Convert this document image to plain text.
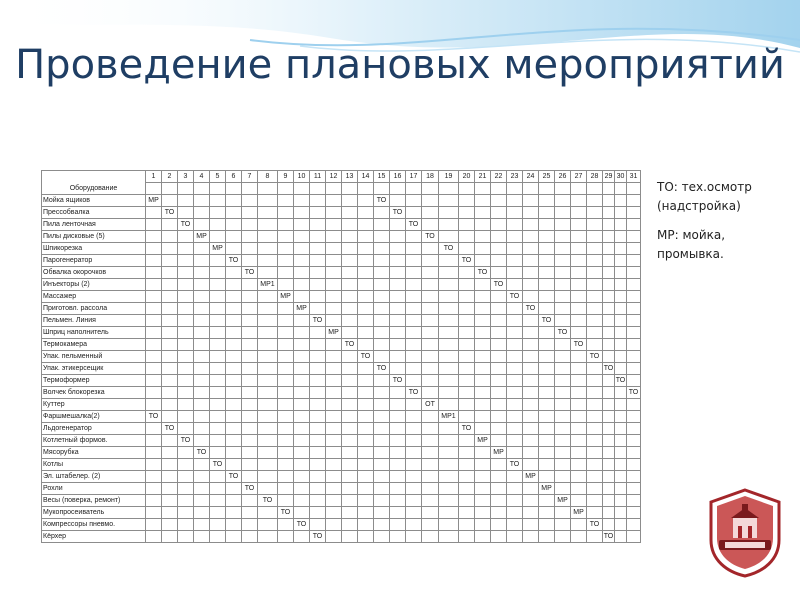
Проведение плановых мероприятий
Оборудование	1	2	3	4	5	6	7	8	9	10	11	12	13	14	15	16	17	18	19	20	21	22	23	24	25	26	27	28	29	30	31

Мойка ящиков	МР														ТО																
Прессобвалка		ТО														ТО															
Пила ленточная			ТО														ТО														
Пилы дисковые (5)				МР														ТО													
Шпикорезка					МР														ТО												
Парогенератор						ТО														ТО											
Обвалка окорочков							ТО														ТО										
Инъекторы (2)								МР1														ТО									
Массажер									МР														ТО								
Приготовл. рассола										МР														ТО							
Пельмен. Линия											ТО														ТО						
Шприц наполнитель												МР														ТО					
Термокамера													ТО														ТО				
Упак. пельменный														ТО														ТО			
Упак. этикерсещик															ТО														ТО		
Термоформер																ТО														ТО	
Волчек блокорезка																	ТО														ТО
Куттер																		ОТ													
Фаршмешалка(2)	ТО																		МР1												
Льдогенератор		ТО																		ТО											
Котлетный формов.			ТО																		МР										
Мясорубка				ТО																		МР									
Котлы					ТО																		ТО								
Эл. штабелер. (2)						ТО																		МР							
Рохли							ТО																		МР						
Весы (поверка, ремонт)								ТО																		МР					
Мукопросеиватель									ТО																		МР				
Компрессоры пневмо.										ТО																		ТО			
Кёрхер											ТО																		ТО		
ТО: тех.осмотр
(надстройка)
МР: мойка,
промывка.
